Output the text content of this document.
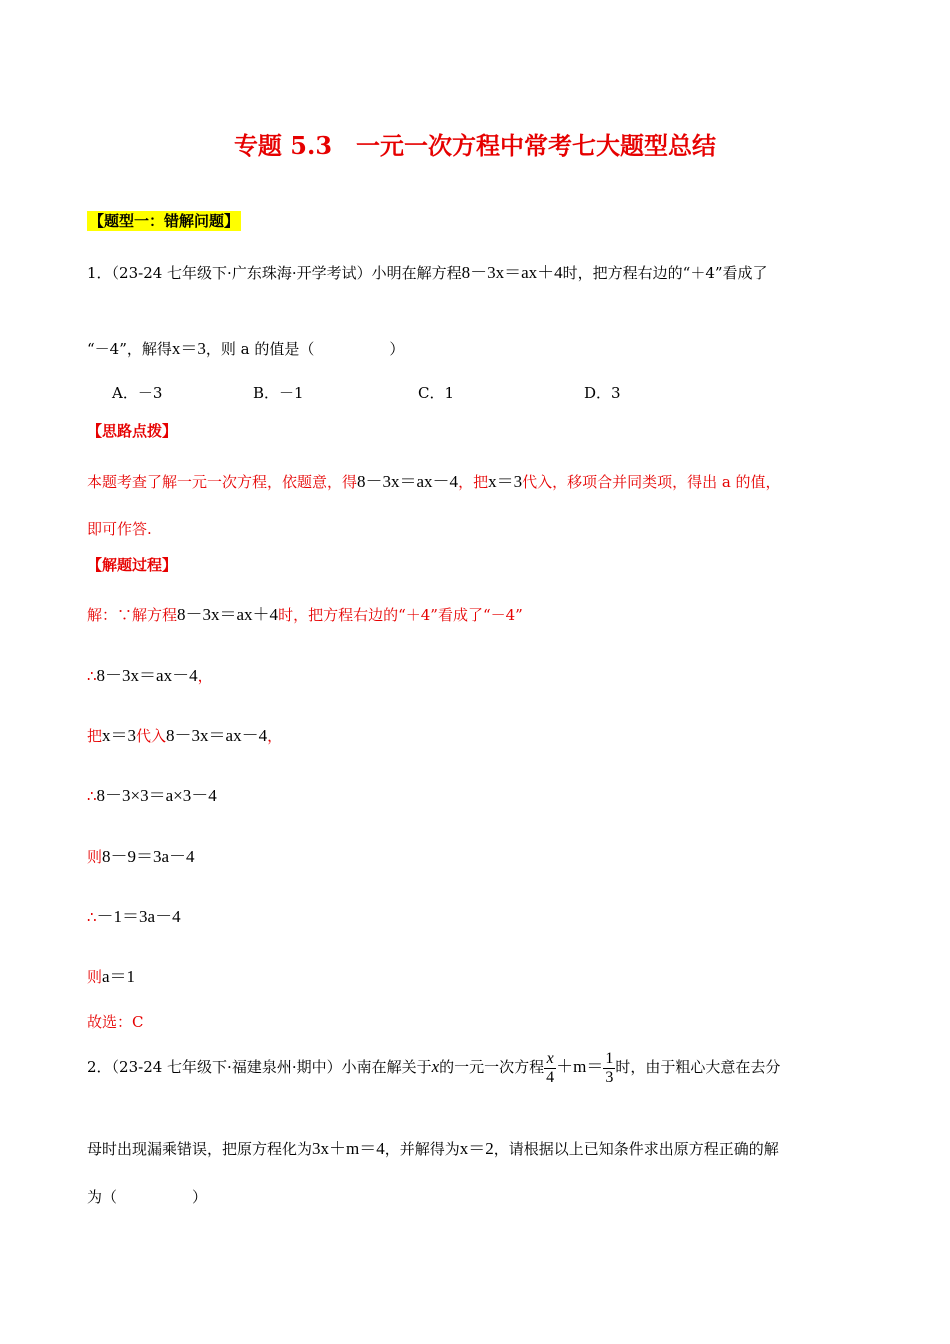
专题 5.3　一元一次方程中常考七大题型总结
【题型一：错解问题】
1．（23-24 七年级下·广东珠海·开学考试）小明在解方程8－3x＝ax＋4时，把方程右边的“＋4”看成了
“－4”，解得x＝3，则 a 的值是（　　　　　）
A．－3	B．－1	C．1	D．3
【思路点拨】
本题考查了解一元一次方程，依题意，得8－3x＝ax－4，把x＝3代入，移项合并同类项，得出 a 的值，
即可作答.
【解题过程】
解：∵解方程8－3x＝ax＋4时，把方程右边的“＋4”看成了“－4”
∴8－3x＝ax－4，
把x＝3代入8－3x＝ax－4，
∴8－3×3＝a×3－4
则8－9＝3a－4
∴－1＝3a－4
则a＝1
故选：C
2．（23-24 七年级下·福建泉州·期中）小南在解关于x的一元一次方程 $\frac{x}{4} +m= \frac{1}{3}$ 时，由于粗心大意在去分
母时出现漏乘错误，把原方程化为3x＋m＝4，并解得为x＝2，请根据以上已知条件求出原方程正确的解
为（　　　　　）
